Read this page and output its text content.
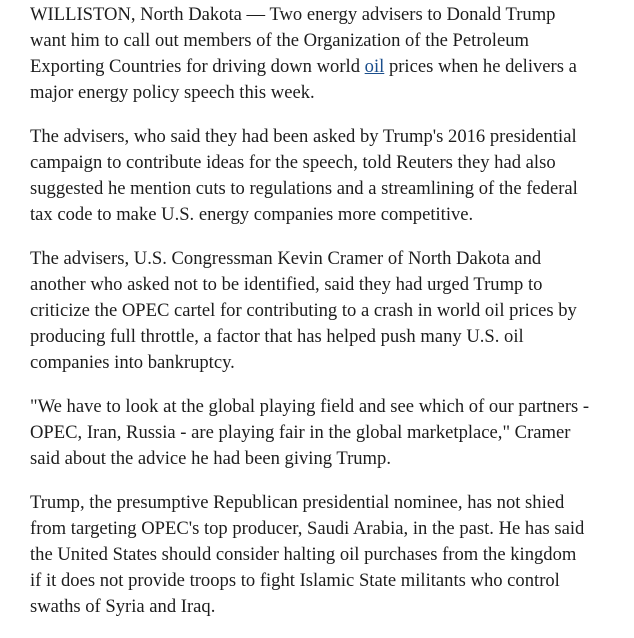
WILLISTON, North Dakota — Two energy advisers to Donald Trump want him to call out members of the Organization of the Petroleum Exporting Countries for driving down world oil prices when he delivers a major energy policy speech this week.

The advisers, who said they had been asked by Trump's 2016 presidential campaign to contribute ideas for the speech, told Reuters they had also suggested he mention cuts to regulations and a streamlining of the federal tax code to make U.S. energy companies more competitive.

The advisers, U.S. Congressman Kevin Cramer of North Dakota and another who asked not to be identified, said they had urged Trump to criticize the OPEC cartel for contributing to a crash in world oil prices by producing full throttle, a factor that has helped push many U.S. oil companies into bankruptcy.

"We have to look at the global playing field and see which of our partners - OPEC, Iran, Russia - are playing fair in the global marketplace," Cramer said about the advice he had been giving Trump.

Trump, the presumptive Republican presidential nominee, has not shied from targeting OPEC's top producer, Saudi Arabia, in the past. He has said the United States should consider halting oil purchases from the kingdom if it does not provide troops to fight Islamic State militants who control swaths of Syria and Iraq.
